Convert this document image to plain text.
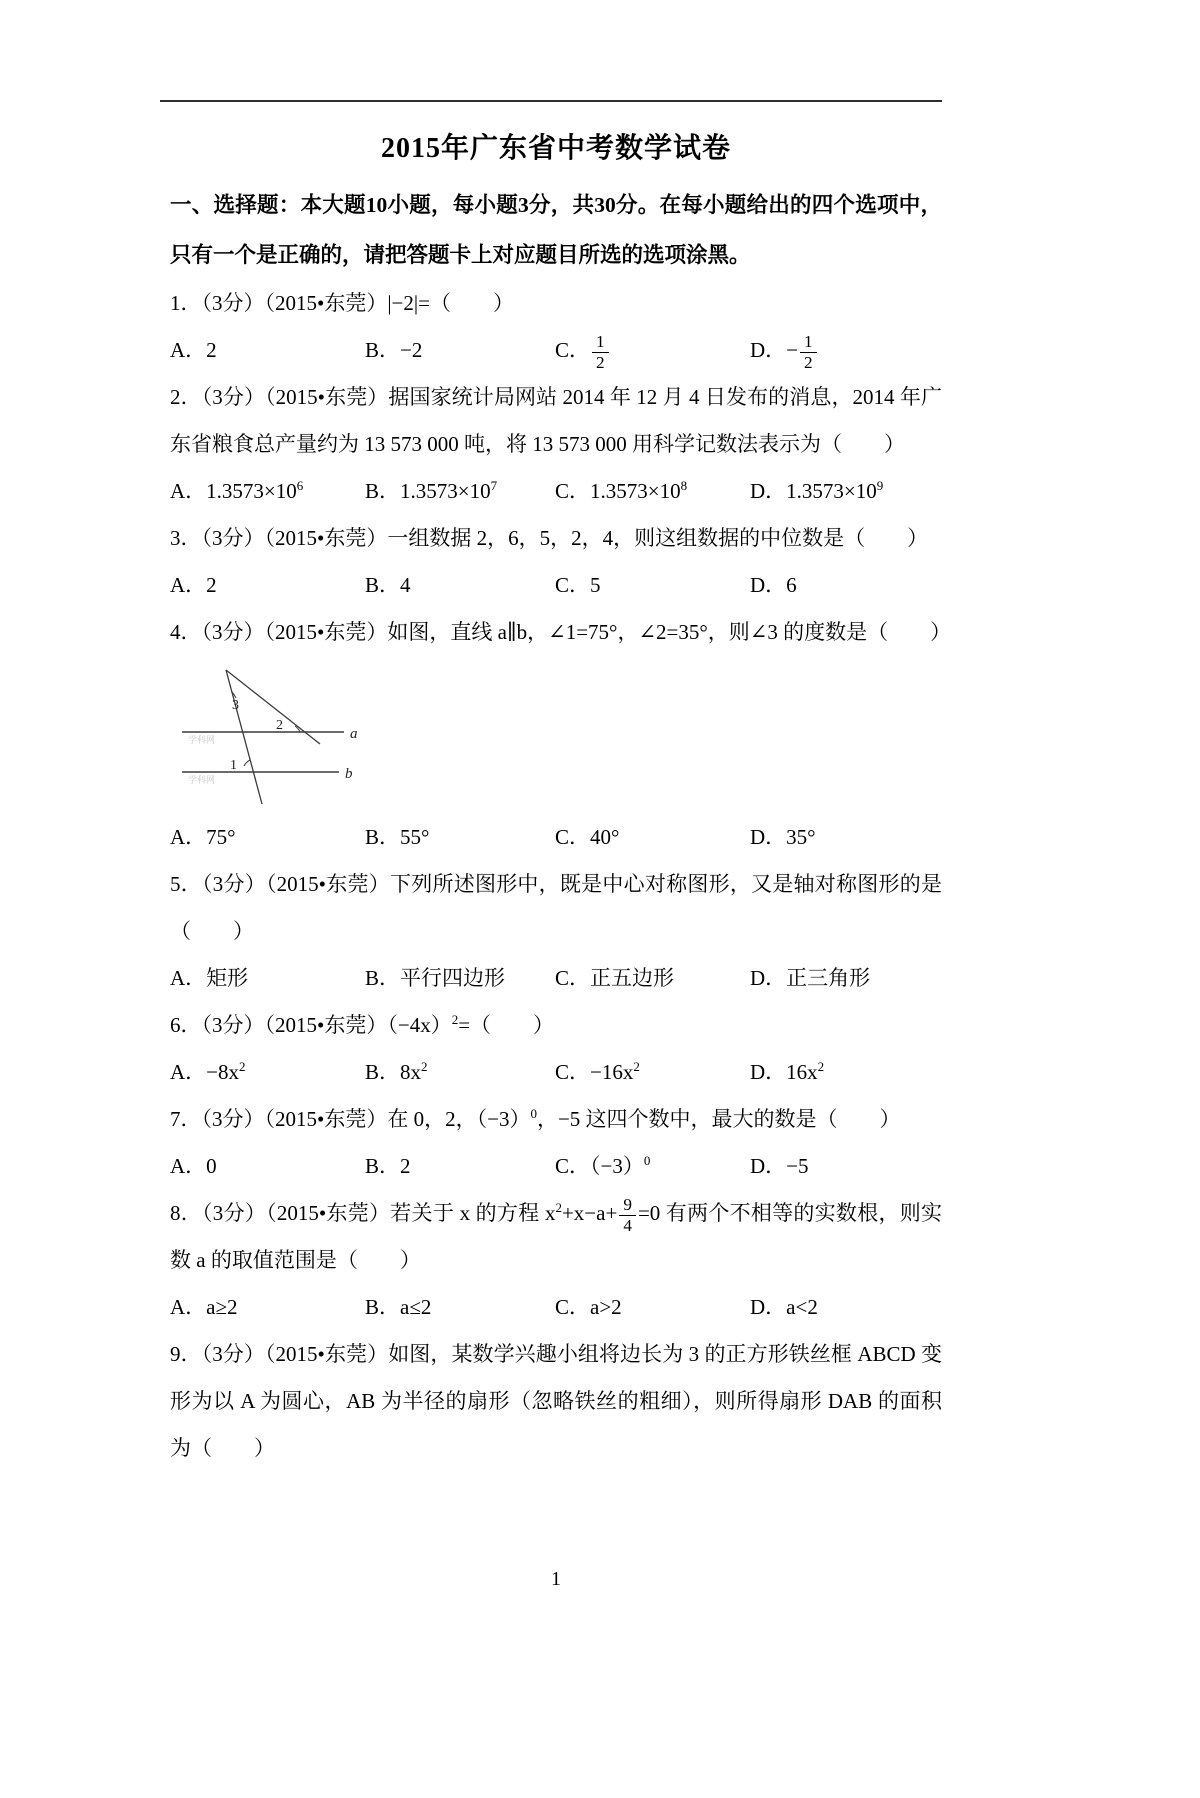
2015年广东省中考数学试卷
一、选择题：本大题10小题，每小题3分，共30分。在每小题给出的四个选项中，只有一个是正确的，请把答题卡上对应题目所选的选项涂黑。
1．（3分）（2015•东莞）|−2|=（　　）
A．2	B．−2	C． $\frac{1}{2}$	D．− $\frac{1}{2}$
2．（3分）（2015•东莞）据国家统计局网站 2014 年 12 月 4 日发布的消息，2014 年广东省粮食总产量约为 13 573 000 吨，将 13 573 000 用科学记数法表示为（　　）
A．$1.3573\times 10^6$	B．$1.3573\times 10^7$	C．$1.3573\times 10^8$	D．$1.3573\times 10^9$
3．（3分）（2015•东莞）一组数据 2，6，5，2，4，则这组数据的中位数是（　　）
A．2	B．4	C．5	D．6
4．（3分）（2015•东莞）如图，直线 a∥b，∠1=75°，∠2=35°，则∠3 的度数是（　　）
学科网
学科网
3
2
1
a
b
A．75°	B．55°	C．40°	D．35°
5．（3分）（2015•东莞）下列所述图形中，既是中心对称图形，又是轴对称图形的是（　　）
A．矩形	B．平行四边形	C．正五边形	D．正三角形
6．（3分）（2015•东莞）$(-4x)^2=$（　　）
A．$-8x^2$	B．$8x^2$	C．$-16x^2$	D．$16x^2$
7．（3分）（2015•东莞）在 0，2，$(-3)^0$，−5 这四个数中，最大的数是（　　）
A．0	B．2	C．$(-3)^0$	D．−5
8．（3分）（2015•东莞）若关于 x 的方程 $x^2+x-a+ \frac{9}{4} =0$ 有两个不相等的实数根，则实数 a 的取值范围是（　　）
A．a≥2	B．a≤2	C．a>2	D．a<2
9．（3分）（2015•东莞）如图，某数学兴趣小组将边长为 3 的正方形铁丝框 ABCD 变形为以 A 为圆心，AB 为半径的扇形（忽略铁丝的粗细），则所得扇形 DAB 的面积为（　　）
1
